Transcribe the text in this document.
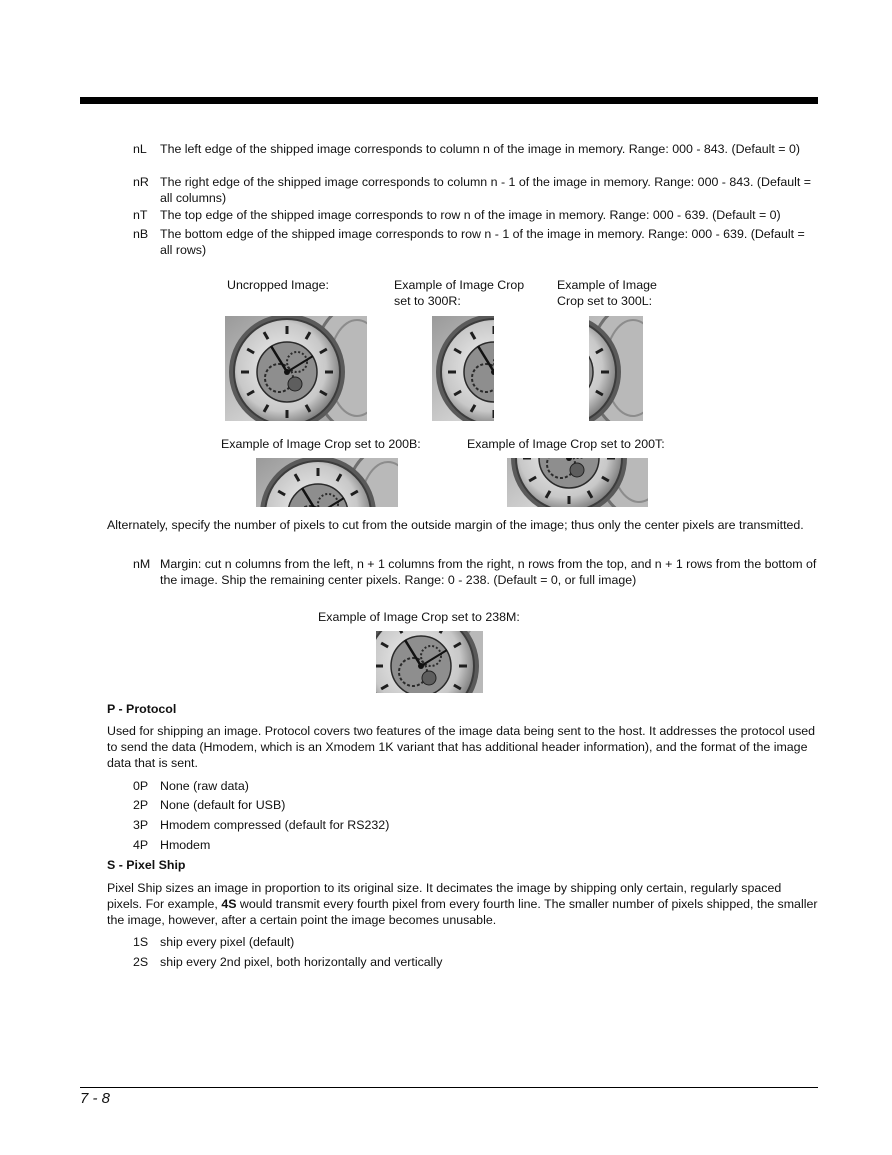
nL	The left edge of the shipped image corresponds to column n of the image in memory. Range: 000 - 843. (Default = 0)
nR The right edge of the shipped image corresponds to column n - 1 of the image in memory. Range: 000 - 843. (Default = all columns)
nT	The top edge of the shipped image corresponds to row n of the image in memory. Range: 000 - 639. (Default = 0)
nB The bottom edge of the shipped image corresponds to row n - 1 of the image in memory. Range: 000 - 639. (Default = all rows)
Uncropped Image:	Example of Image Crop set to 300R:
Example of Image Crop set to 300L:
Example of Image Crop set to 200B:	Example of Image Crop set to 200T:
Alternately, specify the number of pixels to cut from the outside margin of the image; thus only the center pixels are transmitted.
nM Margin: cut n columns from the left, n + 1 columns from the right, n rows from the top, and n + 1 rows from the bottom of the image. Ship the remaining center pixels. Range: 0 - 238. (Default = 0, or full image)
Example of Image Crop set to 238M:
P - Protocol
Used for shipping an image. Protocol covers two features of the image data being sent to the host. It addresses the protocol used to send the data (Hmodem, which is an Xmodem 1K variant that has additional header information), and the format of the image data that is sent.
0P None (raw data)
2P None (default for USB)
3P Hmodem compressed (default for RS232)
4P Hmodem
S - Pixel Ship
Pixel Ship sizes an image in proportion to its original size. It decimates the image by shipping only certain, regularly spaced pixels. For example, 4S would transmit every fourth pixel from every fourth line. The smaller number of pixels shipped, the smaller the image, however, after a certain point the image becomes unusable.
1S ship every pixel (default)
2S ship every 2nd pixel, both horizontally and vertically
7 - 8
